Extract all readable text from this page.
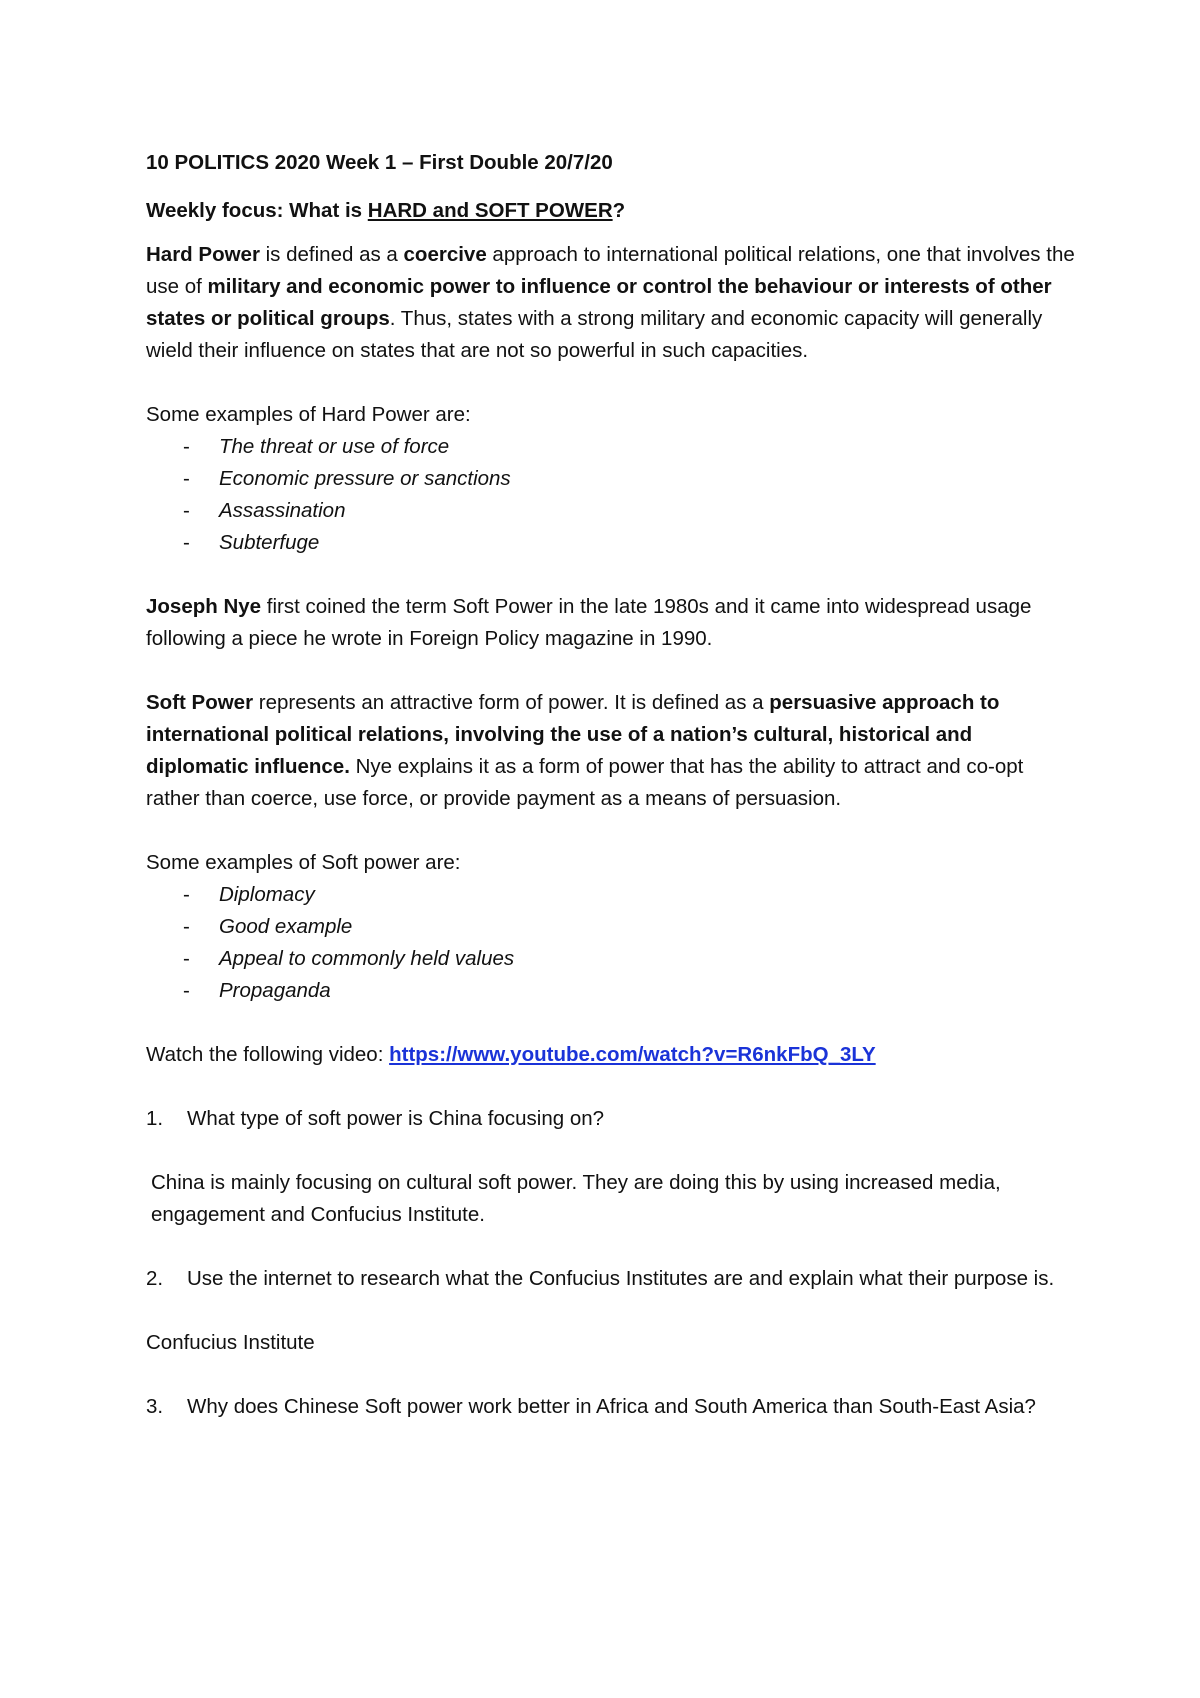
10 POLITICS 2020 Week 1 – First Double 20/7/20

Weekly focus: What is HARD and SOFT POWER?

Hard Power is defined as a coercive approach to international political relations, one that involves the use of military and economic power to influence or control the behaviour or interests of other states or political groups. Thus, states with a strong military and economic capacity will generally wield their influence on states that are not so powerful in such capacities.

Some examples of Hard Power are:

- The threat or use of force
- Economic pressure or sanctions
- Assassination
- Subterfuge

Joseph Nye first coined the term Soft Power in the late 1980s and it came into widespread usage following a piece he wrote in Foreign Policy magazine in 1990.

Soft Power represents an attractive form of power. It is defined as a persuasive approach to international political relations, involving the use of a nation’s cultural, historical and diplomatic influence. Nye explains it as a form of power that has the ability to attract and co-opt rather than coerce, use force, or provide payment as a means of persuasion.

Some examples of Soft power are:

- Diplomacy
- Good example
- Appeal to commonly held values
- Propaganda

Watch the following video: https://www.youtube.com/watch?v=R6nkFbQ_3LY

1. What type of soft power is China focusing on?

China is mainly focusing on cultural soft power. They are doing this by using increased media, engagement and Confucius Institute.

2. Use the internet to research what the Confucius Institutes are and explain what their purpose is.

Confucius Institute

3. Why does Chinese Soft power work better in Africa and South America than South-East Asia?
